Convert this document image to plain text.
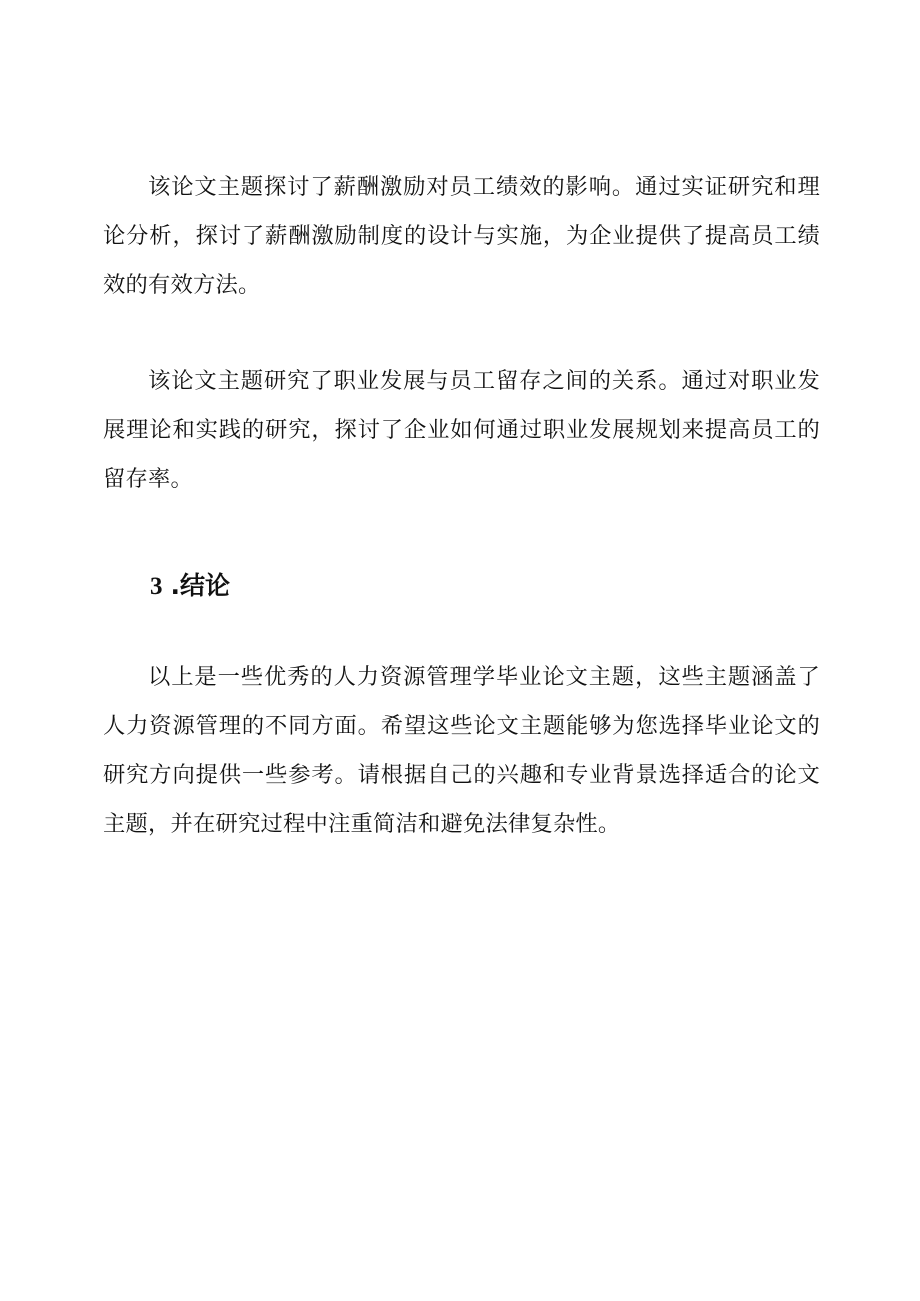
该论文主题探讨了薪酬激励对员工绩效的影响。通过实证研究和理论分析，探讨了薪酬激励制度的设计与实施，为企业提供了提高员工绩效的有效方法。

该论文主题研究了职业发展与员工留存之间的关系。通过对职业发展理论和实践的研究，探讨了企业如何通过职业发展规划来提高员工的留存率。

3 .结论

以上是一些优秀的人力资源管理学毕业论文主题，这些主题涵盖了人力资源管理的不同方面。希望这些论文主题能够为您选择毕业论文的研究方向提供一些参考。请根据自己的兴趣和专业背景选择适合的论文主题，并在研究过程中注重简洁和避免法律复杂性。
